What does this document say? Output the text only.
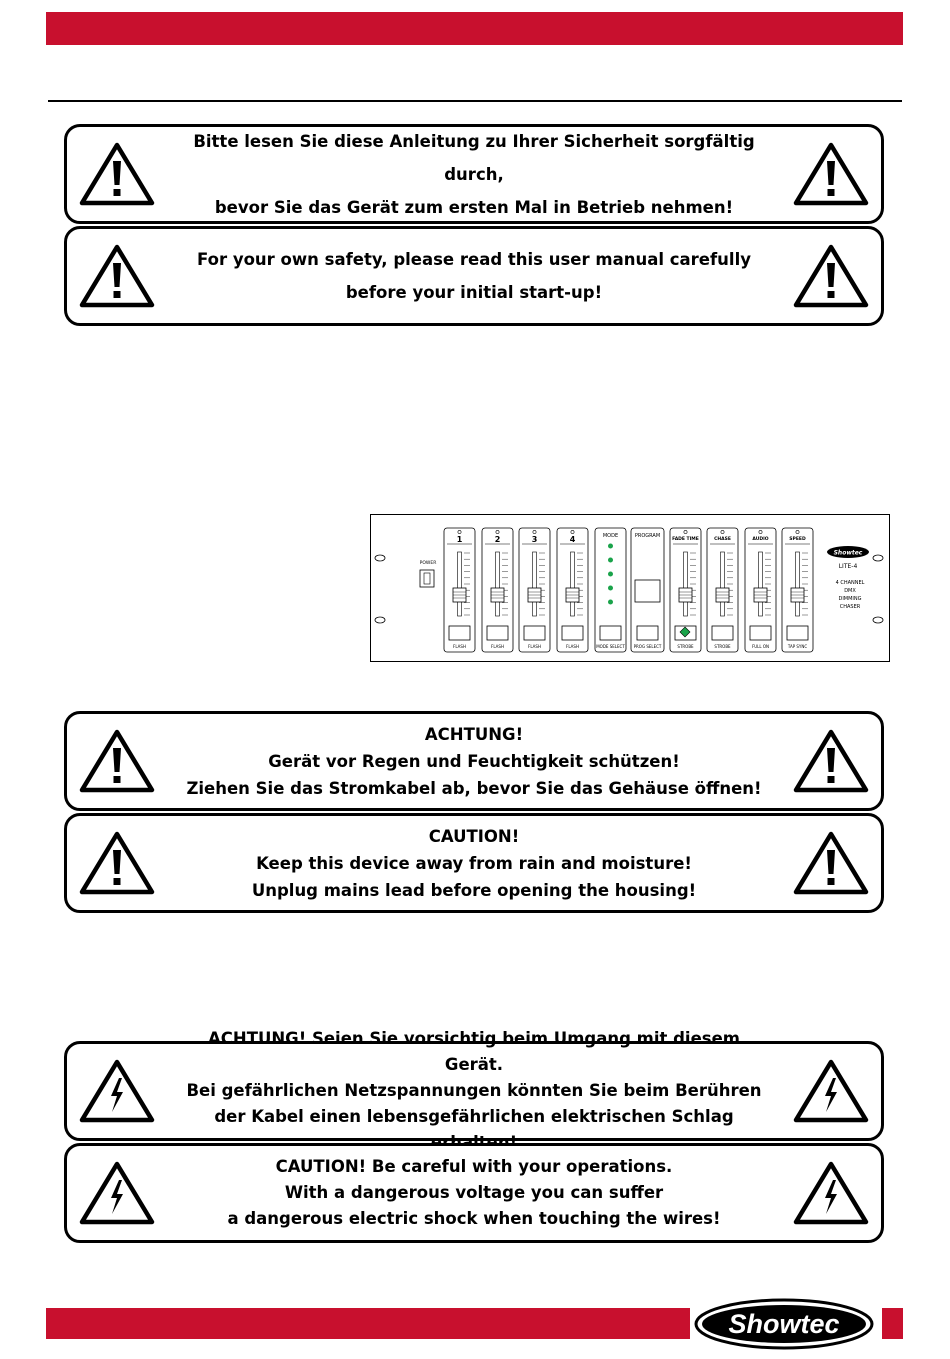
Bitte lesen Sie diese Anleitung zu Ihrer Sicherheit sorgfältig durch,
bevor Sie das Gerät zum ersten Mal in Betrieb nehmen!
For your own safety, please read this user manual carefully
before your initial start-up!
POWER
1
FLASH
2
FLASH
3
FLASH
4
FLASH
FADE TIME
STROBE
CHASE
STROBE
AUDIO
FULL ON
SPEED
TAP SYNC
MODE
MODE SELECT
PROGRAM
PROG SELECT
Showtec
LITE-4
4 CHANNEL
DMX
DIMMING
CHASER
ACHTUNG!
Gerät vor Regen und Feuchtigkeit schützen!
Ziehen Sie das Stromkabel ab, bevor Sie das Gehäuse öffnen!
CAUTION!
Keep this device away from rain and moisture!
Unplug mains lead before opening the housing!
ACHTUNG! Seien Sie vorsichtig beim Umgang mit diesem Gerät.
Bei gefährlichen Netzspannungen könnten Sie beim Berühren
der Kabel einen lebensgefährlichen elektrischen Schlag
CAUTION! Be careful with your operations.
With a dangerous voltage you can suffer
a dangerous electric shock when touching the wires!
Showtec
